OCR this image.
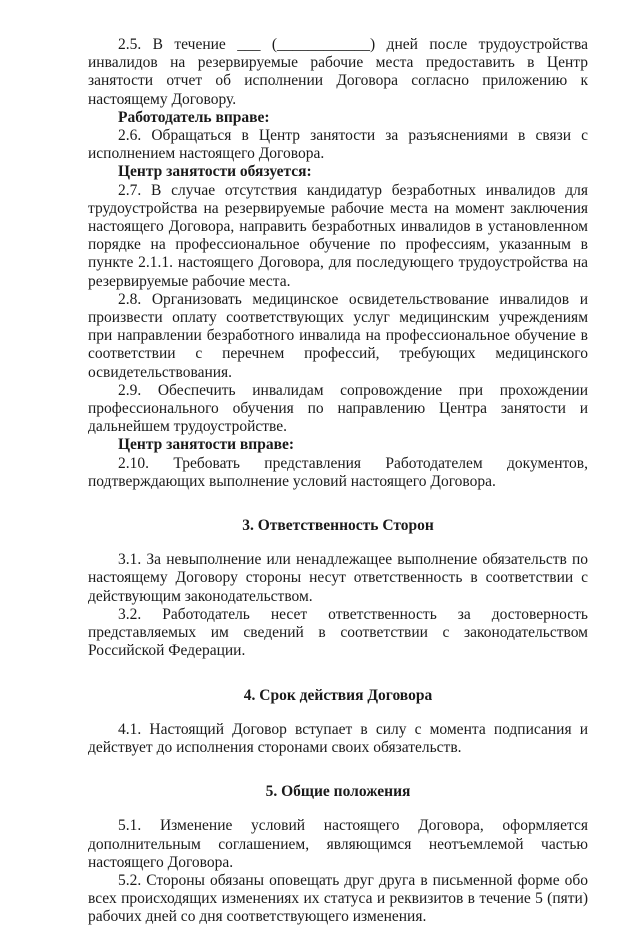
2.5. В течение ___ (____________) дней после трудоустройства инвалидов на резервируемые рабочие места предоставить в Центр занятости отчет об исполнении Договора согласно приложению к настоящему Договору.

Работодатель вправе:

2.6. Обращаться в Центр занятости за разъяснениями в связи с исполнением настоящего Договора.

Центр занятости обязуется:

2.7. В случае отсутствия кандидатур безработных инвалидов для трудоустройства на резервируемые рабочие места на момент заключения настоящего Договора, направить безработных инвалидов в установленном порядке на профессиональное обучение по профессиям, указанным в пункте 2.1.1. настоящего Договора, для последующего трудоустройства на резервируемые рабочие места.

2.8. Организовать медицинское освидетельствование инвалидов и произвести оплату соответствующих услуг медицинским учреждениям при направлении безработного инвалида на профессиональное обучение в соответствии с перечнем профессий, требующих медицинского освидетельствования.

2.9. Обеспечить инвалидам сопровождение при прохождении профессионального обучения по направлению Центра занятости и дальнейшем трудоустройстве.

Центр занятости вправе:

2.10. Требовать представления Работодателем документов, подтверждающих выполнение условий настоящего Договора.

3. Ответственность Сторон

3.1. За невыполнение или ненадлежащее выполнение обязательств по настоящему Договору стороны несут ответственность в соответствии с действующим законодательством.

3.2. Работодатель несет ответственность за достоверность представляемых им сведений в соответствии с законодательством Российской Федерации.

4. Срок действия Договора

4.1. Настоящий Договор вступает в силу с момента подписания и действует до исполнения сторонами своих обязательств.

5. Общие положения

5.1. Изменение условий настоящего Договора, оформляется дополнительным соглашением, являющимся неотъемлемой частью настоящего Договора.

5.2. Стороны обязаны оповещать друг друга в письменной форме обо всех происходящих изменениях их статуса и реквизитов в течение 5 (пяти) рабочих дней со дня соответствующего изменения.
